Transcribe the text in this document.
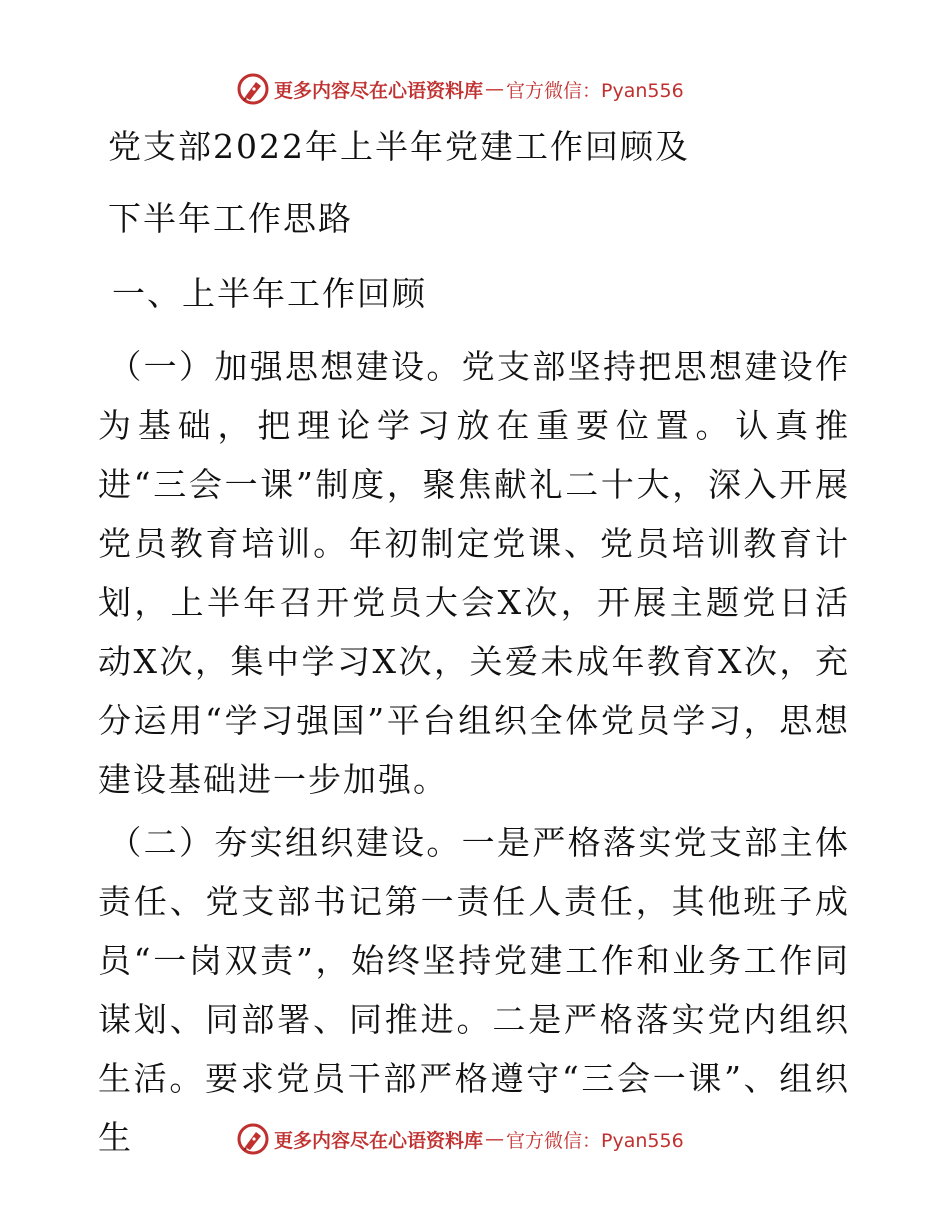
更多内容尽在心语资料库 — 官方微信：Pyan556
党支部2022年上半年党建工作回顾及
下半年工作思路
一、上半年工作回顾

（一）加强思想建设。党支部坚持把思想建设作为基础，把理论学习放在重要位置。认真推进“三会一课”制度，聚焦献礼二十大，深入开展党员教育培训。年初制定党课、党员培训教育计划，上半年召开党员大会X次，开展主题党日活动X次，集中学习X次，关爱未成年教育X次，充分运用“学习强国”平台组织全体党员学习，思想建设基础进一步加强。

（二）夯实组织建设。一是严格落实党支部主体责任、党支部书记第一责任人责任，其他班子成员“一岗双责”，始终坚持党建工作和业务工作同谋划、同部署、同推进。二是严格落实党内组织生活。要求党员干部严格遵守“三会一课”、组织生	更多内容尽在心语资料库 — 官方微信：Pyan556
